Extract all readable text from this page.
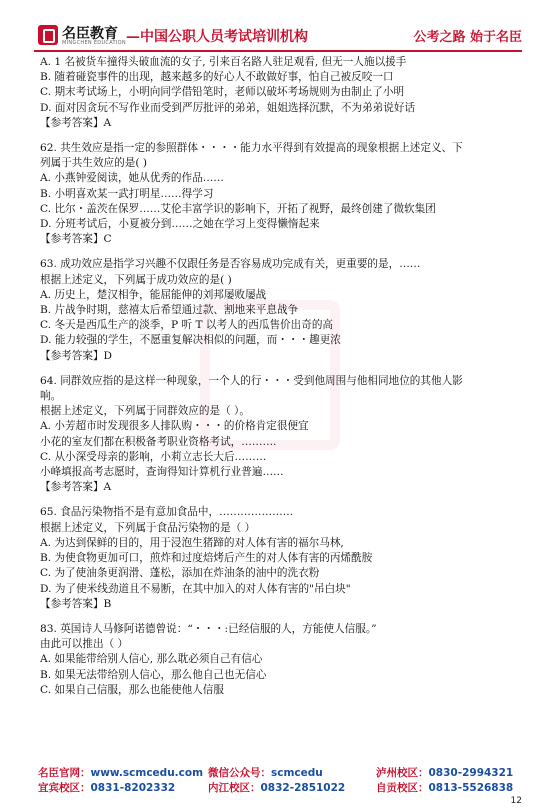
名臣教育
MINGCHEN EDUCATION —中国公职人员考试培训机构	公考之路 始于名臣
A. 1 名被货车撞得头破血流的女子, 引来百名路人驻足观看, 但无一人施以援手
B. 随着碰瓷事件的出现，越来越多的好心人不敢做好事，怕自己被反咬一口
C. 期末考试场上，小明向同学借铅笔时，老师以破坏考场规则为由制止了小明
D. 面对因贪玩不写作业而受到严厉批评的弟弟，姐姐选择沉默，不为弟弟说好话
【参考答案】A
62. 共生效应是指一定的参照群体・・・・能力水平得到有效提高的现象根据上述定义、下
列属于共生效应的是( )
A. 小燕钟爱阅读，她从优秀的作品……
B. 小明喜欢某一武打明星……得学习
C. 比尔・盖茨在保罗……艾伦丰富学识的影响下，开拓了视野，最终创建了微软集团
D. 分班考试后，小夏被分到……之她在学习上变得懒惰起来
【参考答案】C
63. 成功效应是指学习兴趣不仅跟任务是否容易成功完成有关，更重要的是，……
根据上述定义，下列属于成功效应的是( )
A. 历史上，楚汉相争，能屈能伸的刘邦屡败屡战
B. 片战争时期，慈禧太后希望通过款、割地来平息战争
C. 冬天是西瓜生产的淡季，P 听 T 以考人的西瓜售价出奇的高
D. 能力较强的学生，不愿重复解决相似的问题，而・・・趣更浓
【参考答案】D
64. 同群效应指的是这样一种现象，一个人的行・・・受到他周围与他相同地位的其他人影
响。
根据上述定义，下列属于同群效应的是（ ）。
A. 小芳超市时发现很多人排队购・・・的价格肯定很便宜
小花的室友们都在积极备考职业资格考试，……….
C. 从小深受母亲的影响，小莉立志长大后………
小峰填报高考志愿时，查询得知计算机行业普遍……
【参考答案】A
65. 食品污染物指不是有意加食品中，…………………
根据上述定义，下列属于食品污染物的是（ ）
A. 为达到保鲜的目的，用于浸泡生猪蹄的对人体有害的福尔马林,
B. 为使食物更加可口，煎炸和过度焙烤后产生的对人体有害的丙烯酰胺
C. 为了使油条更润滑、蓬松，添加在炸油条的油中的洗衣粉
D. 为了使米线劲道且不易断，在其中加入的对人体有害的"吊白块"
【参考答案】B
83. 英国诗人马修阿诺德曾说：“・・・:已经信服的人，方能使人信服。”
由此可以推出（ ）
A. 如果能带给别人信心, 那么耽必须自己有信心
B. 如果无法带给别人信心，那么他自己也无信心
C. 如果自己信服，那么也能使他人信服
名臣官网：www.scmcedu.com 微信公众号：scmcedu	泸州校区：0830-2994321
宜宾校区：0831-8202332	内江校区：0832-2851022	自贡校区：0813-5526838
12
